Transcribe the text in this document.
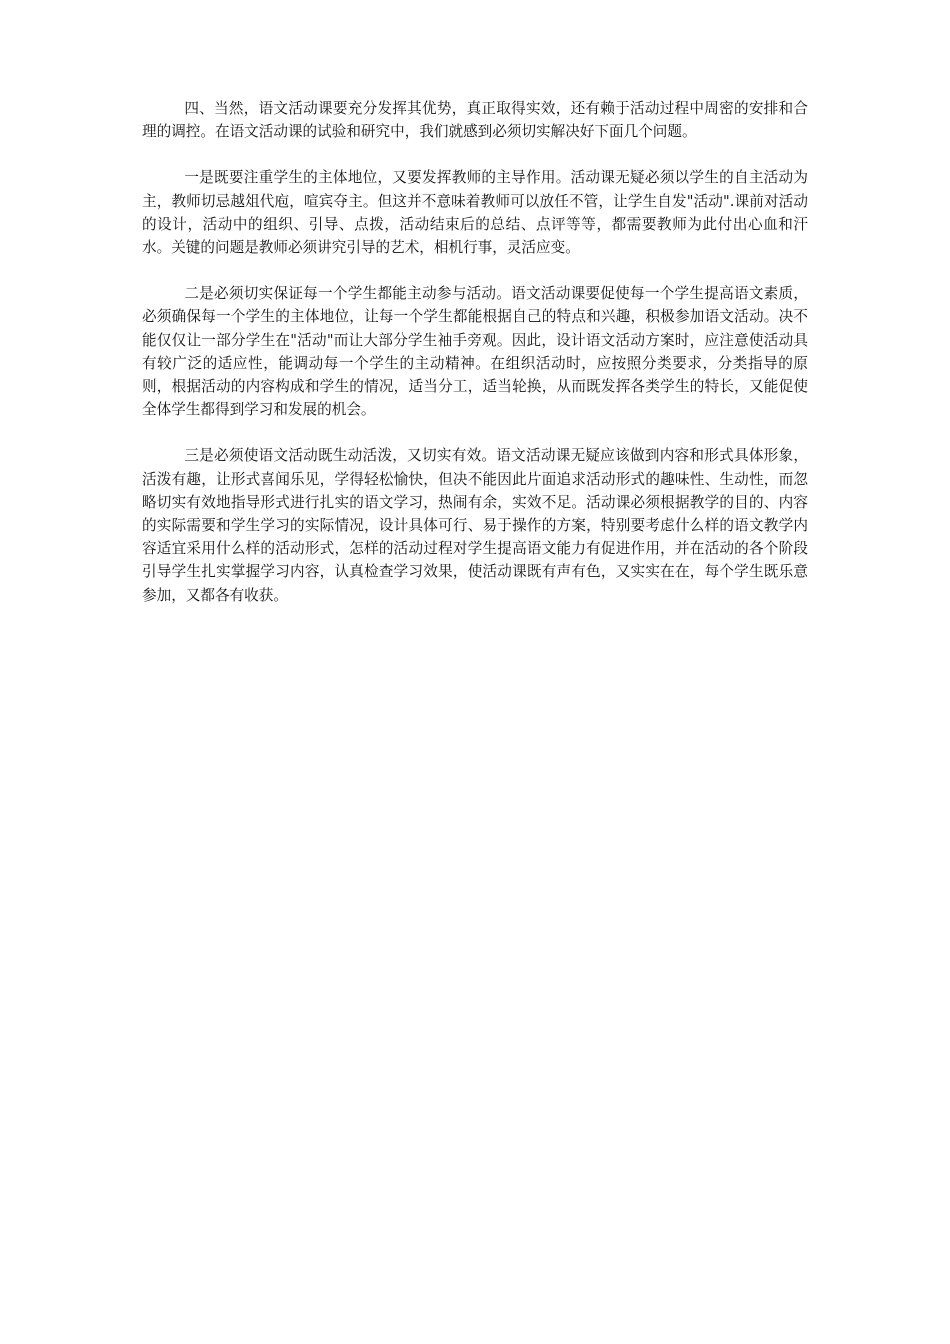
四、当然，语文活动课要充分发挥其优势，真正取得实效，还有赖于活动过程中周密的安排和合理的调控。在语文活动课的试验和研究中，我们就感到必须切实解决好下面几个问题。

一是既要注重学生的主体地位，又要发挥教师的主导作用。活动课无疑必须以学生的自主活动为主，教师切忌越俎代庖，喧宾夺主。但这并不意味着教师可以放任不管，让学生自发"活动".课前对活动的设计，活动中的组织、引导、点拨，活动结束后的总结、点评等等，都需要教师为此付出心血和汗水。关键的问题是教师必须讲究引导的艺术，相机行事，灵活应变。

二是必须切实保证每一个学生都能主动参与活动。语文活动课要促使每一个学生提高语文素质，必须确保每一个学生的主体地位，让每一个学生都能根据自己的特点和兴趣，积极参加语文活动。决不能仅仅让一部分学生在"活动"而让大部分学生袖手旁观。因此，设计语文活动方案时，应注意使活动具有较广泛的适应性，能调动每一个学生的主动精神。在组织活动时，应按照分类要求，分类指导的原则，根据活动的内容构成和学生的情况，适当分工，适当轮换，从而既发挥各类学生的特长，又能促使全体学生都得到学习和发展的机会。

三是必须使语文活动既生动活泼，又切实有效。语文活动课无疑应该做到内容和形式具体形象，活泼有趣，让形式喜闻乐见，学得轻松愉快，但决不能因此片面追求活动形式的趣味性、生动性，而忽略切实有效地指导形式进行扎实的语文学习，热闹有余，实效不足。活动课必须根据教学的目的、内容的实际需要和学生学习的实际情况，设计具体可行、易于操作的方案，特别要考虑什么样的语文教学内容适宜采用什么样的活动形式，怎样的活动过程对学生提高语文能力有促进作用，并在活动的各个阶段引导学生扎实掌握学习内容，认真检查学习效果，使活动课既有声有色，又实实在在，每个学生既乐意参加，又都各有收获。
